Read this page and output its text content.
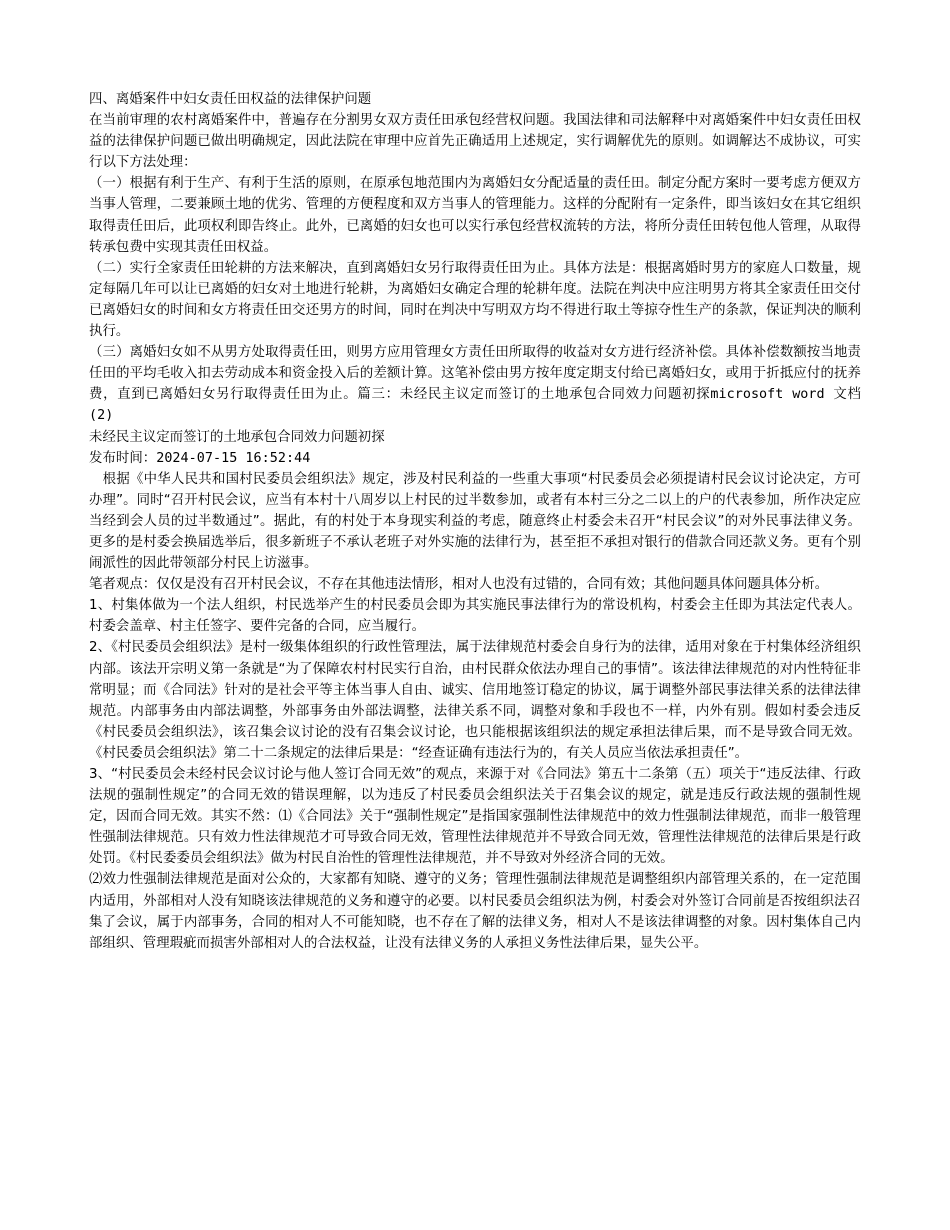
四、离婚案件中妇女责任田权益的法律保护问题

在当前审理的农村离婚案件中，普遍存在分割男女双方责任田承包经营权问题。我国法律和司法解释中对离婚案件中妇女责任田权益的法律保护问题已做出明确规定，因此法院在审理中应首先正确适用上述规定，实行调解优先的原则。如调解达不成协议，可实行以下方法处理：

（一）根据有利于生产、有利于生活的原则，在原承包地范围内为离婚妇女分配适量的责任田。制定分配方案时一要考虑方便双方当事人管理，二要兼顾土地的优劣、管理的方便程度和双方当事人的管理能力。这样的分配附有一定条件，即当该妇女在其它组织取得责任田后，此项权利即告终止。此外，已离婚的妇女也可以实行承包经营权流转的方法，将所分责任田转包他人管理，从取得转承包费中实现其责任田权益。

（二）实行全家责任田轮耕的方法来解决，直到离婚妇女另行取得责任田为止。具体方法是：根据离婚时男方的家庭人口数量，规定每隔几年可以让已离婚的妇女对土地进行轮耕，为离婚妇女确定合理的轮耕年度。法院在判决中应注明男方将其全家责任田交付已离婚妇女的时间和女方将责任田交还男方的时间，同时在判决中写明双方均不得进行取土等掠夺性生产的条款，保证判决的顺利执行。

（三）离婚妇女如不从男方处取得责任田，则男方应用管理女方责任田所取得的收益对女方进行经济补偿。具体补偿数额按当地责任田的平均毛收入扣去劳动成本和资金投入后的差额计算。这笔补偿由男方按年度定期支付给已离婚妇女，或用于折抵应付的抚养费，直到已离婚妇女另行取得责任田为止。篇三：未经民主议定而签订的土地承包合同效力问题初探microsoft word 文档 (2)

未经民主议定而签订的土地承包合同效力问题初探

发布时间：2024-07-15 16:52:44

　根据《中华人民共和国村民委员会组织法》规定，涉及村民利益的一些重大事项“村民委员会必须提请村民会议讨论决定，方可办理”。同时“召开村民会议，应当有本村十八周岁以上村民的过半数参加，或者有本村三分之二以上的户的代表参加，所作决定应当经到会人员的过半数通过”。据此，有的村处于本身现实利益的考虑，随意终止村委会未召开“村民会议”的对外民事法律义务。更多的是村委会换届选举后，很多新班子不承认老班子对外实施的法律行为，甚至拒不承担对银行的借款合同还款义务。更有个别闹派性的因此带领部分村民上访滋事。

笔者观点：仅仅是没有召开村民会议，不存在其他违法情形，相对人也没有过错的，合同有效；其他问题具体问题具体分析。

1、村集体做为一个法人组织，村民选举产生的村民委员会即为其实施民事法律行为的常设机构，村委会主任即为其法定代表人。村委会盖章、村主任签字、要件完备的合同，应当履行。

2、《村民委员会组织法》是村一级集体组织的行政性管理法，属于法律规范村委会自身行为的法律，适用对象在于村集体经济组织内部。该法开宗明义第一条就是“为了保障农村村民实行自治，由村民群众依法办理自己的事情”。该法律法律规范的对内性特征非常明显；而《合同法》针对的是社会平等主体当事人自由、诚实、信用地签订稳定的协议，属于调整外部民事法律关系的法律法律规范。内部事务由内部法调整，外部事务由外部法调整，法律关系不同，调整对象和手段也不一样，内外有别。假如村委会违反《村民委员会组织法》，该召集会议讨论的没有召集会议讨论，也只能根据该组织法的规定承担法律后果，而不是导致合同无效。《村民委员会组织法》第二十二条规定的法律后果是：“经查证确有违法行为的，有关人员应当依法承担责任”。

3、“村民委员会未经村民会议讨论与他人签订合同无效”的观点，来源于对《合同法》第五十二条第（五）项关于“违反法律、行政法规的强制性规定”的合同无效的错误理解，以为违反了村民委员会组织法关于召集会议的规定，就是违反行政法规的强制性规定，因而合同无效。其实不然：⑴《合同法》关于“强制性规定”是指国家强制性法律规范中的效力性强制法律规范，而非一般管理性强制法律规范。只有效力性法律规范才可导致合同无效，管理性法律规范并不导致合同无效，管理性法律规范的法律后果是行政处罚。《村民委委员会组织法》做为村民自治性的管理性法律规范，并不导致对外经济合同的无效。

⑵效力性强制法律规范是面对公众的，大家都有知晓、遵守的义务；管理性强制法律规范是调整组织内部管理关系的，在一定范围内适用，外部相对人没有知晓该法律规范的义务和遵守的必要。以村民委员会组织法为例，村委会对外签订合同前是否按组织法召集了会议，属于内部事务，合同的相对人不可能知晓，也不存在了解的法律义务，相对人不是该法律调整的对象。因村集体自己内部组织、管理瑕疵而损害外部相对人的合法权益，让没有法律义务的人承担义务性法律后果，显失公平。
